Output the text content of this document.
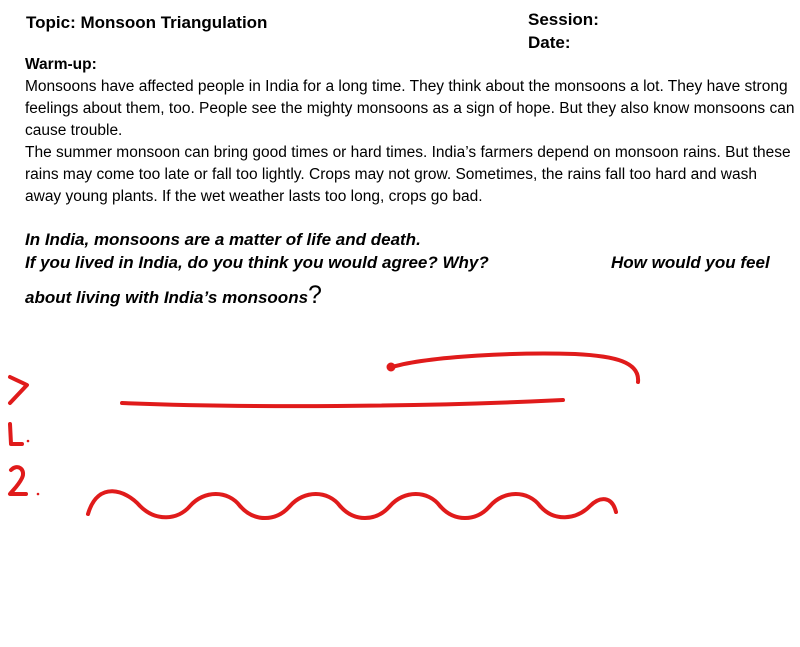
Topic: Monsoon Triangulation	Session:
Date:
Warm-up:

Monsoons have affected people in India for a long time. They think about the monsoons a lot. They have strong feelings about them, too. People see the mighty monsoons as a sign of hope. But they also know monsoons can cause trouble.

The summer monsoon can bring good times or hard times. India’s farmers depend on monsoon rains. But these rains may come too late or fall too lightly. Crops may not grow. Sometimes, the rains fall too hard and wash away young plants. If the wet weather lasts too long, crops go bad.

In India, monsoons are a matter of life and death.
If you lived in India, do you think you would agree? Why?	How would you feel
about living with India’s monsoons?
